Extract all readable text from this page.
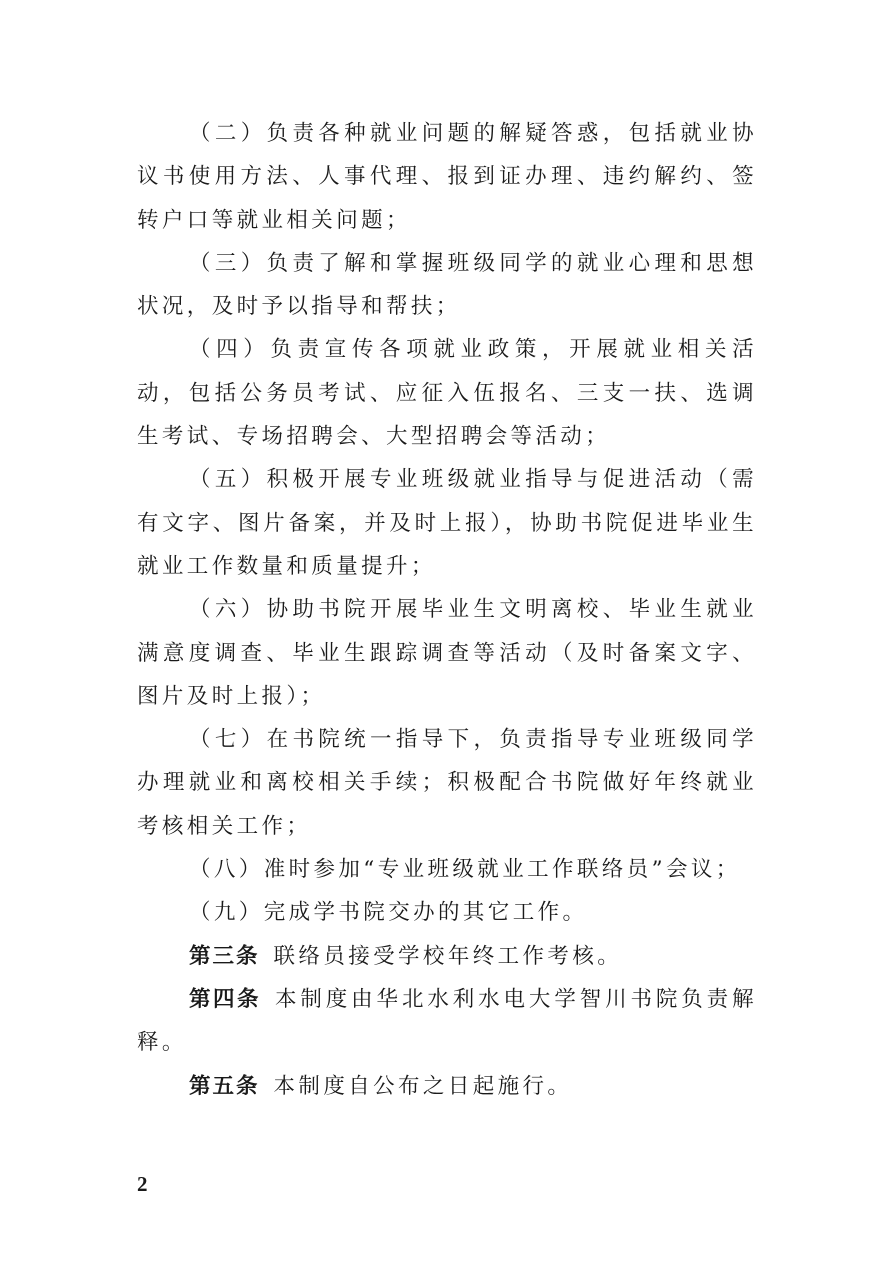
（二）负责各种就业问题的解疑答惑，包括就业协议书使用方法、人事代理、报到证办理、违约解约、签转户口等就业相关问题；

（三）负责了解和掌握班级同学的就业心理和思想状况，及时予以指导和帮扶；

（四）负责宣传各项就业政策，开展就业相关活动，包括公务员考试、应征入伍报名、三支一扶、选调生考试、专场招聘会、大型招聘会等活动；

（五）积极开展专业班级就业指导与促进活动（需有文字、图片备案，并及时上报），协助书院促进毕业生就业工作数量和质量提升；

（六）协助书院开展毕业生文明离校、毕业生就业满意度调查、毕业生跟踪调查等活动（及时备案文字、图片及时上报）；

（七）在书院统一指导下，负责指导专业班级同学办理就业和离校相关手续；积极配合书院做好年终就业考核相关工作；

（八）准时参加“专业班级就业工作联络员”会议；

（九）完成学书院交办的其它工作。

第三条 联络员接受学校年终工作考核。

第四条 本制度由华北水利水电大学智川书院负责解释。

第五条 本制度自公布之日起施行。

2
